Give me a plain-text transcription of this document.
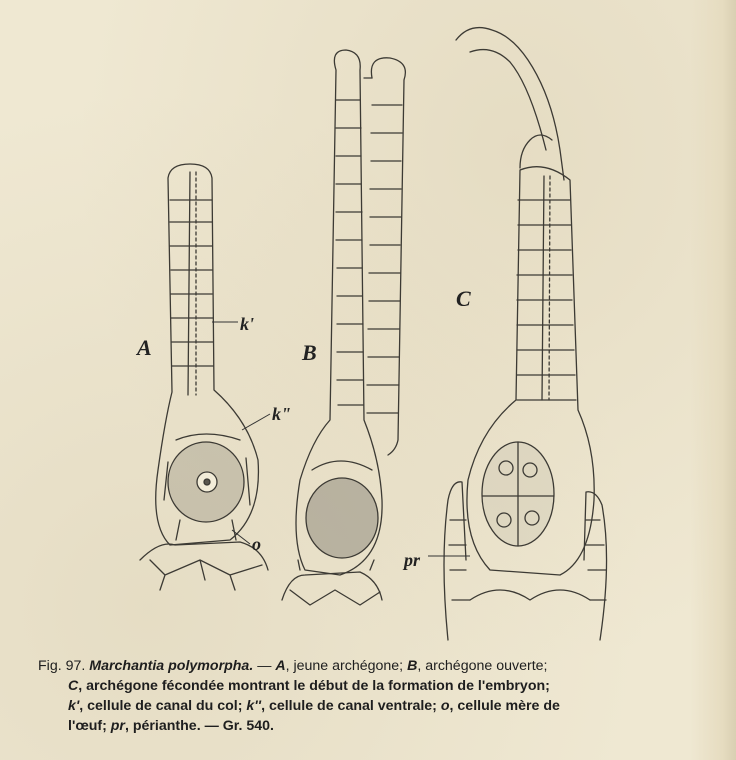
A	B
C
k'
k"
o
pr
Fig. 97. Marchantia polymorpha. — A, jeune archégone; B, archégone ouverte;
C, archégone fécondée montrant le début de la formation de l'embryon;
k', cellule de canal du col; k'', cellule de canal ventrale; o, cellule mère de
l'œuf; pr, périanthe. — Gr. 540.
